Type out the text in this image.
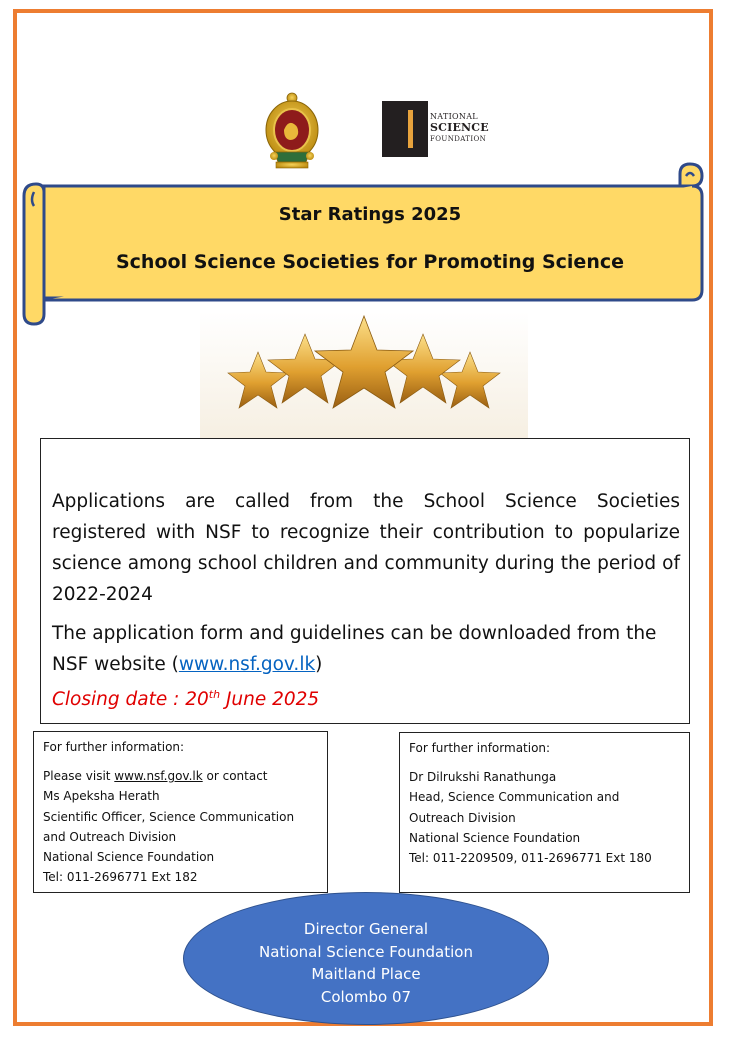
NATIONAL
SCIENCE
FOUNDATION
Star Ratings 2025
School Science Societies for Promoting Science

Applications are called from the School Science Societies registered with NSF to recognize their contribution to popularize science among school children and community during the period of 2022-2024

The application form and guidelines can be downloaded from the NSF website (www.nsf.gov.lk)

Closing date : 20th June 2025
For further information:
Please visit www.nsf.gov.lk or contact
Ms Apeksha Herath
Scientific Officer, Science Communication
and Outreach Division
National Science Foundation
Tel: 011-2696771 Ext 182
For further information:
Dr Dilrukshi Ranathunga
Head, Science Communication and
Outreach Division
National Science Foundation
Tel: 011-2209509, 011-2696771 Ext 180
Director General
National Science Foundation
Maitland Place
Colombo 07
